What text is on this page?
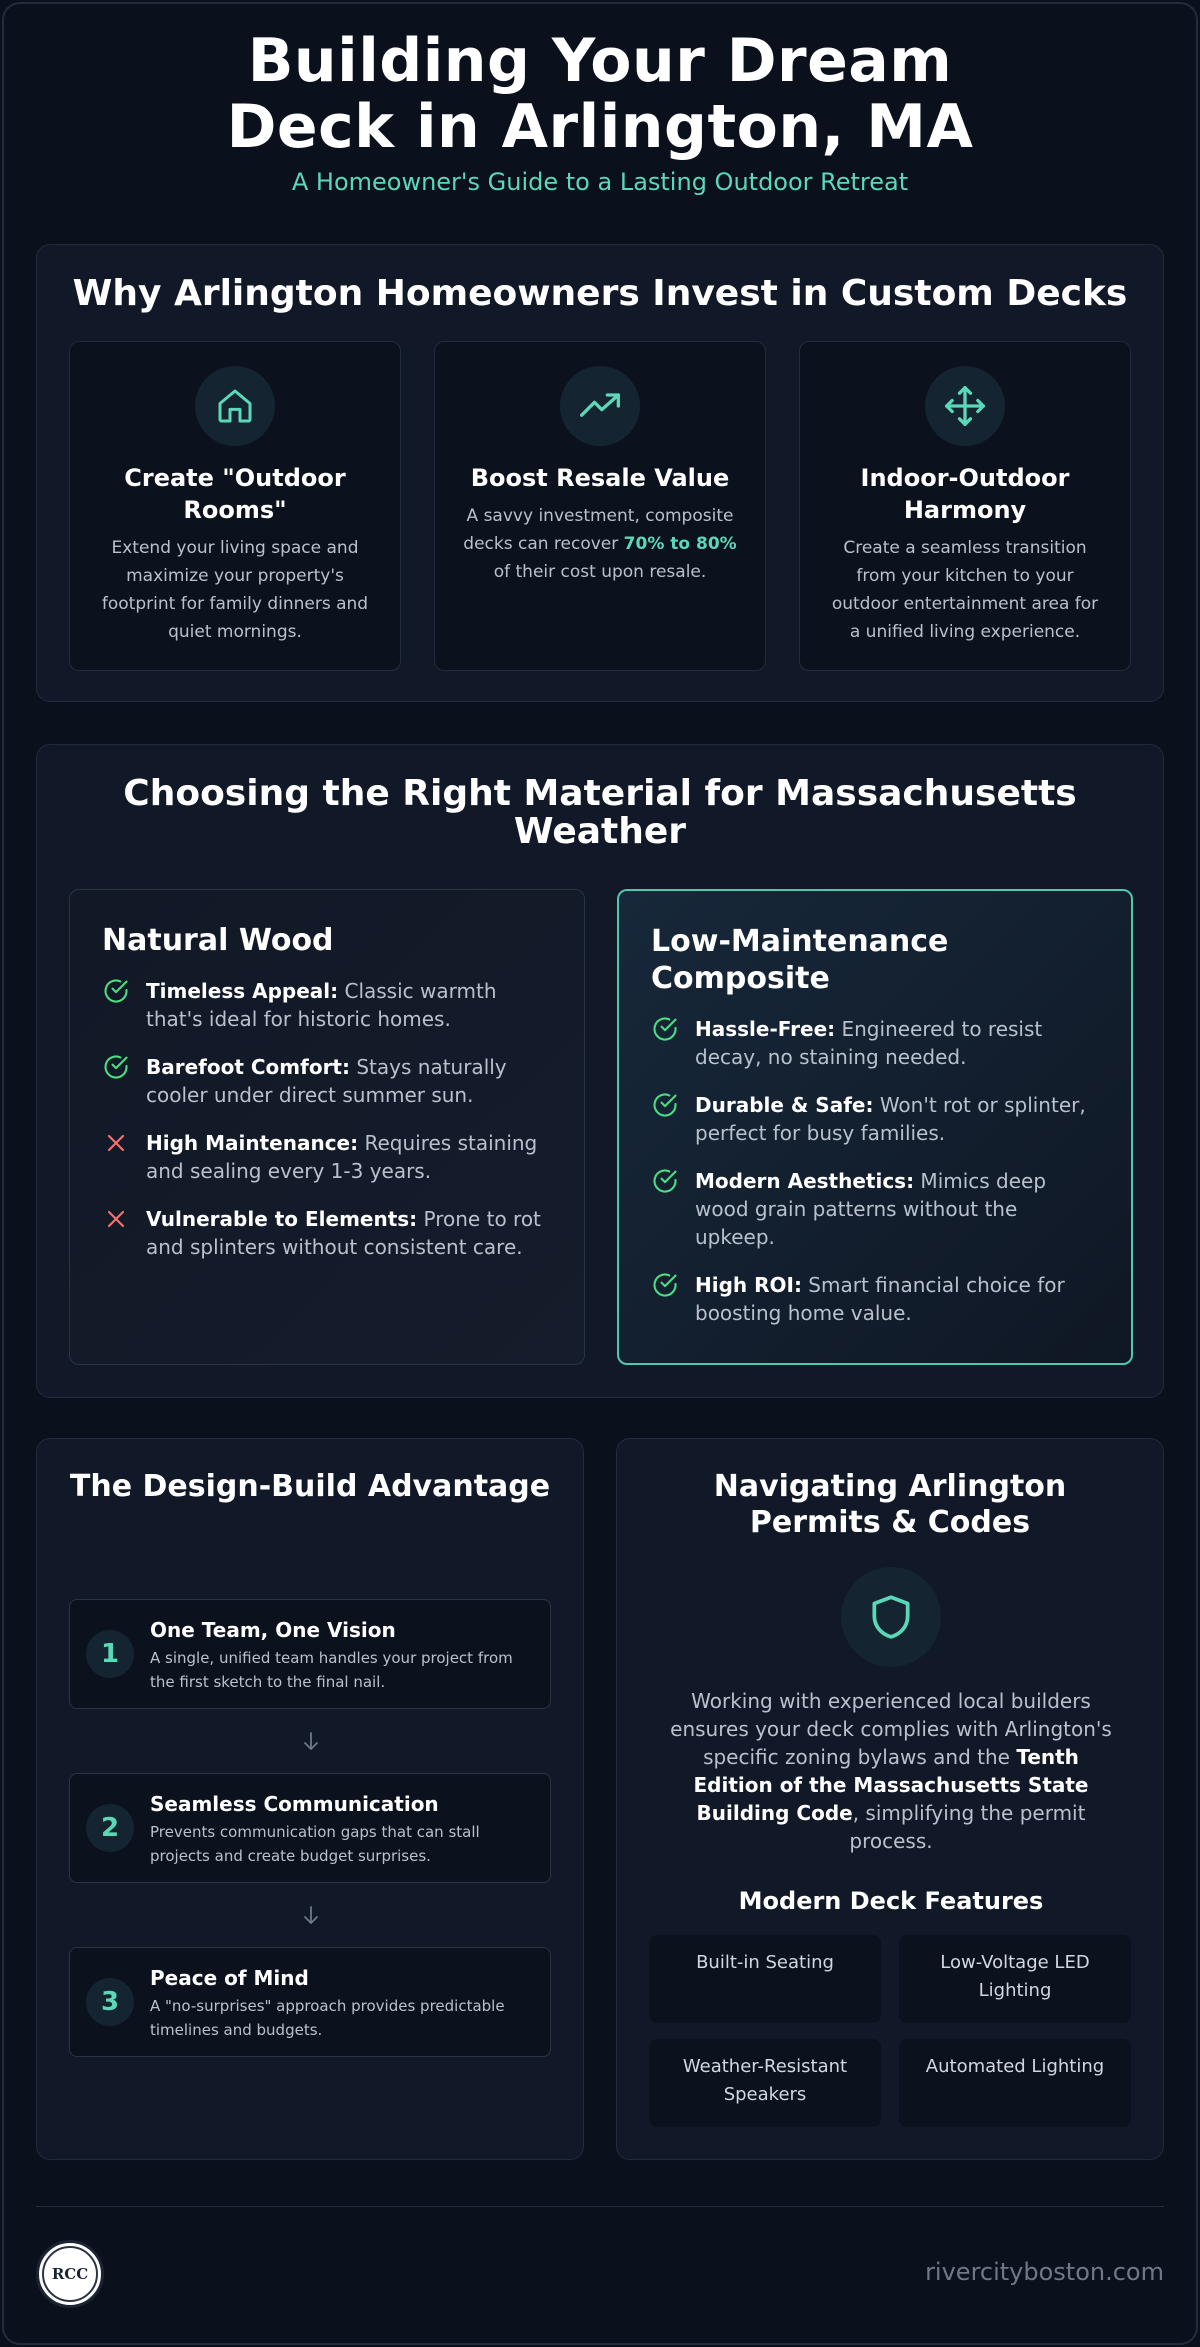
Building Your Dream Deck in Arlington, MA
A Homeowner's Guide to a Lasting Outdoor Retreat
Why Arlington Homeowners Invest in Custom Decks
Create "Outdoor Rooms"
Extend your living space and maximize your property's footprint for family dinners and quiet mornings.
Boost Resale Value
A savvy investment, composite decks can recover 70% to 80% of their cost upon resale.
Indoor-Outdoor Harmony
Create a seamless transition from your kitchen to your outdoor entertainment area for a unified living experience.
Choosing the Right Material for Massachusetts Weather
Natural Wood
Timeless Appeal: Classic warmth that's ideal for historic homes.
Barefoot Comfort: Stays naturally cooler under direct summer sun.
High Maintenance: Requires staining and sealing every 1-3 years.
Vulnerable to Elements: Prone to rot and splinters without consistent care.
Low-Maintenance Composite
Hassle-Free: Engineered to resist decay, no staining needed.
Durable & Safe: Won't rot or splinter, perfect for busy families.
Modern Aesthetics: Mimics deep wood grain patterns without the upkeep.
High ROI: Smart financial choice for boosting home value.
The Design-Build Advantage
1
One Team, One Vision
A single, unified team handles your project from the first sketch to the final nail.
2
Seamless Communication
Prevents communication gaps that can stall projects and create budget surprises.
3
Peace of Mind
A "no-surprises" approach provides predictable timelines and budgets.
Navigating Arlington Permits & Codes
Working with experienced local builders ensures your deck complies with Arlington's specific zoning bylaws and the Tenth Edition of the Massachusetts State Building Code, simplifying the permit process.
Modern Deck Features
Built-in Seating	Low-Voltage LED Lighting
Weather-Resistant Speakers
Automated Lighting
RCC	rivercityboston.com
